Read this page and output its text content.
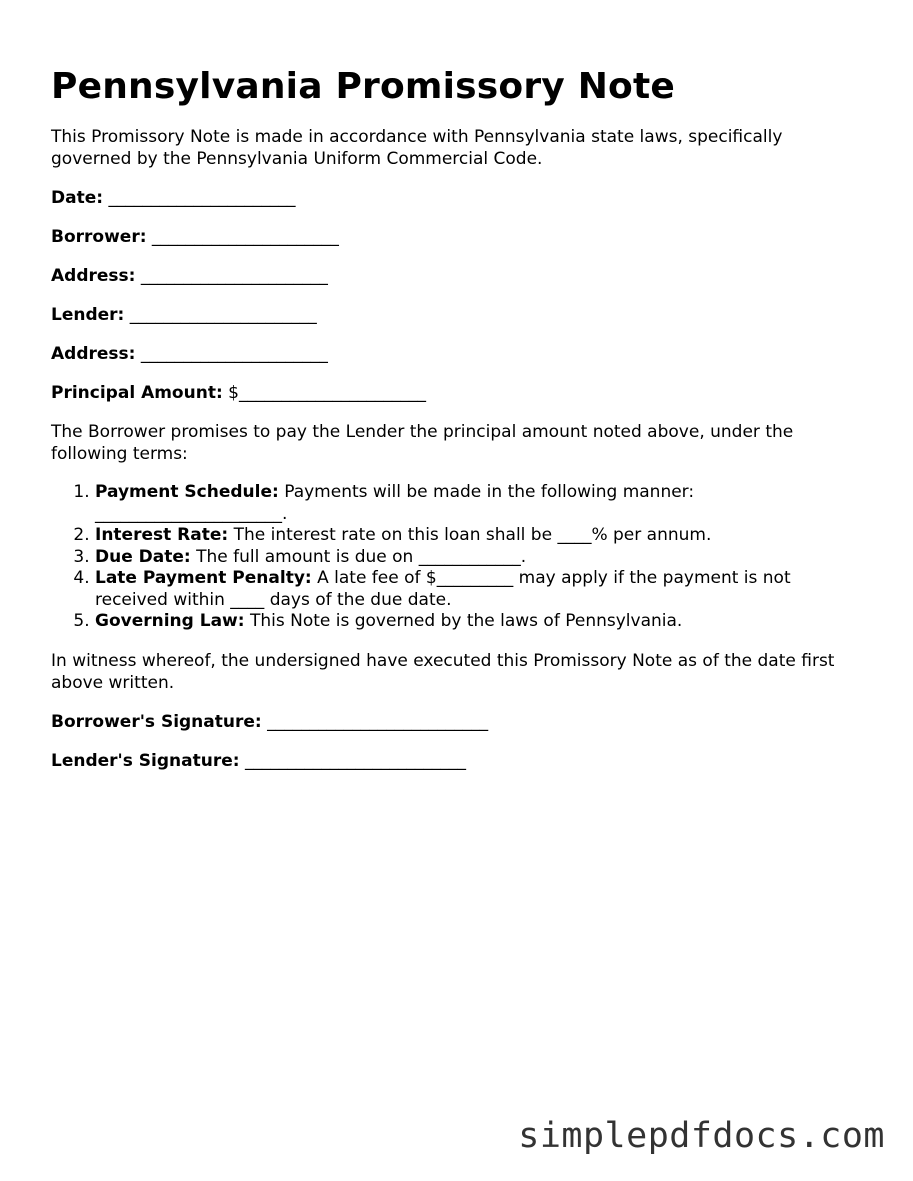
Pennsylvania Promissory Note

This Promissory Note is made in accordance with Pennsylvania state laws, specifically governed by the Pennsylvania Uniform Commercial Code.

Date: ______________________
Borrower: ______________________
Address: ______________________
Lender: ______________________
Address: ______________________
Principal Amount: $______________________

The Borrower promises to pay the Lender the principal amount noted above, under the following terms:

1. Payment Schedule: Payments will be made in the following manner: ______________________.
2. Interest Rate: The interest rate on this loan shall be ____% per annum.
3. Due Date: The full amount is due on ____________.
4. Late Payment Penalty: A late fee of $_________ may apply if the payment is not received within ____ days of the due date.
5. Governing Law: This Note is governed by the laws of Pennsylvania.

In witness whereof, the undersigned have executed this Promissory Note as of the date first above written.

Borrower's Signature: __________________________
Lender's Signature: __________________________
simplepdfdocs.com
